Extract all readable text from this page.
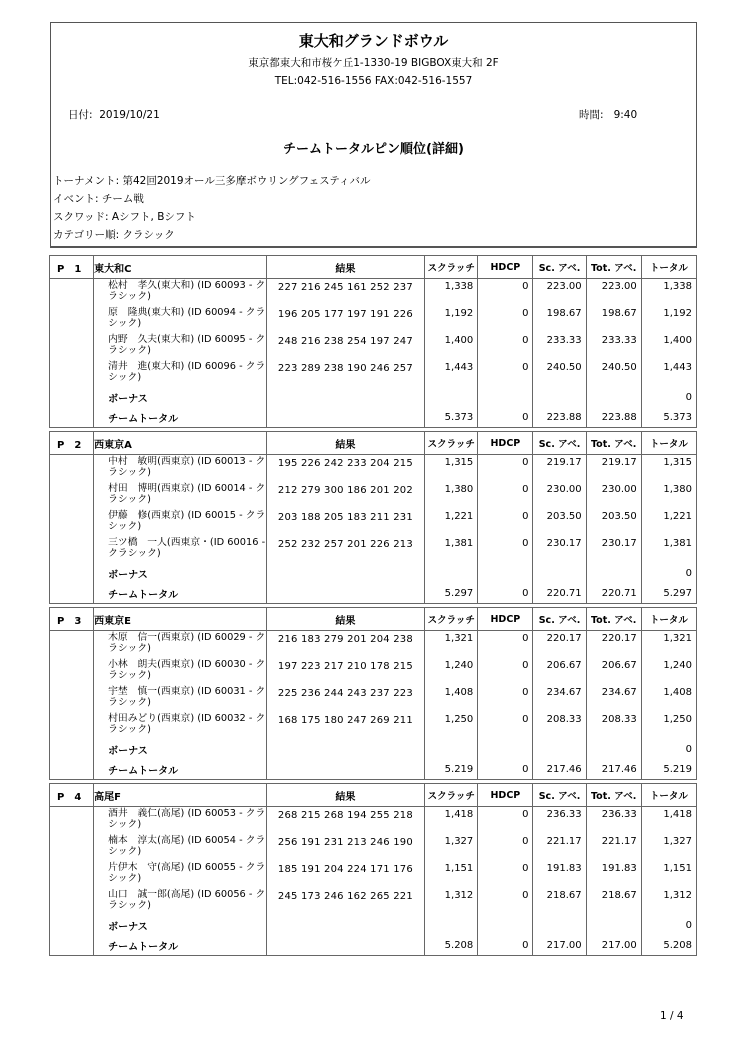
東大和グランドボウル
東京都東大和市桜ケ丘1-1330-19 BIGBOX東大和 2F
TEL:042-516-1556 FAX:042-516-1557
日付: 2019/10/21	時間: 9:40
チームトータルピン順位(詳細)
トーナメント: 第42回2019オール三多摩ボウリングフェスティバル
イベント: チーム戦
スクワッド: Aシフト, Bシフト
カテゴリー順: クラシック
P　1	東大和C	結果	スクラッチ	HDCP	Sc. アベ.	Tot. アベ.	トータル
	松村　孝久(東大和) (ID 60093 - クラシック)	227 216 245 161 252 237	1,338	0	223.00	223.00	1,338
	原　隆典(東大和) (ID 60094 - クラシック)	196 205 177 197 191 226	1,192	0	198.67	198.67	1,192
	内野　久夫(東大和) (ID 60095 - クラシック)	248 216 238 254 197 247	1,400	0	233.33	233.33	1,400
	清井　進(東大和) (ID 60096 - クラシック)	223 289 238 190 246 257	1,443	0	240.50	240.50	1,443
	ボーナス						0
	チームトータル		5.373	0	223.88	223.88	5.373
P　2	西東京A	結果	スクラッチ	HDCP	Sc. アベ.	Tot. アベ.	トータル
	中村　敏明(西東京) (ID 60013 - クラシック)	195 226 242 233 204 215	1,315	0	219.17	219.17	1,315
	村田　博明(西東京) (ID 60014 - クラシック)	212 279 300 186 201 202	1,380	0	230.00	230.00	1,380
	伊藤　修(西東京) (ID 60015 - クラシック)	203 188 205 183 211 231	1,221	0	203.50	203.50	1,221
	三ツ橋　一人(西東京・(ID 60016 - クラシック)	252 232 257 201 226 213	1,381	0	230.17	230.17	1,381
	ボーナス						0
	チームトータル		5.297	0	220.71	220.71	5.297
P　3	西東京E	結果	スクラッチ	HDCP	Sc. アベ.	Tot. アベ.	トータル
	木原　信一(西東京) (ID 60029 - クラシック)	216 183 279 201 204 238	1,321	0	220.17	220.17	1,321
	小林　朗夫(西東京) (ID 60030 - クラシック)	197 223 217 210 178 215	1,240	0	206.67	206.67	1,240
	宇埜　慎一(西東京) (ID 60031 - クラシック)	225 236 244 243 237 223	1,408	0	234.67	234.67	1,408
	村田みどり(西東京) (ID 60032 - クラシック)	168 175 180 247 269 211	1,250	0	208.33	208.33	1,250
	ボーナス						0
	チームトータル		5.219	0	217.46	217.46	5.219
P　4	高尾F	結果	スクラッチ	HDCP	Sc. アベ.	Tot. アベ.	トータル
	酒井　義仁(高尾) (ID 60053 - クラシック)	268 215 268 194 255 218	1,418	0	236.33	236.33	1,418
	楠本　淳太(高尾) (ID 60054 - クラシック)	256 191 231 213 246 190	1,327	0	221.17	221.17	1,327
	片伊木　守(高尾) (ID 60055 - クラシック)	185 191 204 224 171 176	1,151	0	191.83	191.83	1,151
	山口　誠一郎(高尾) (ID 60056 - クラシック)	245 173 246 162 265 221	1,312	0	218.67	218.67	1,312
	ボーナス						0
	チームトータル		5.208	0	217.00	217.00	5.208
1 / 4
